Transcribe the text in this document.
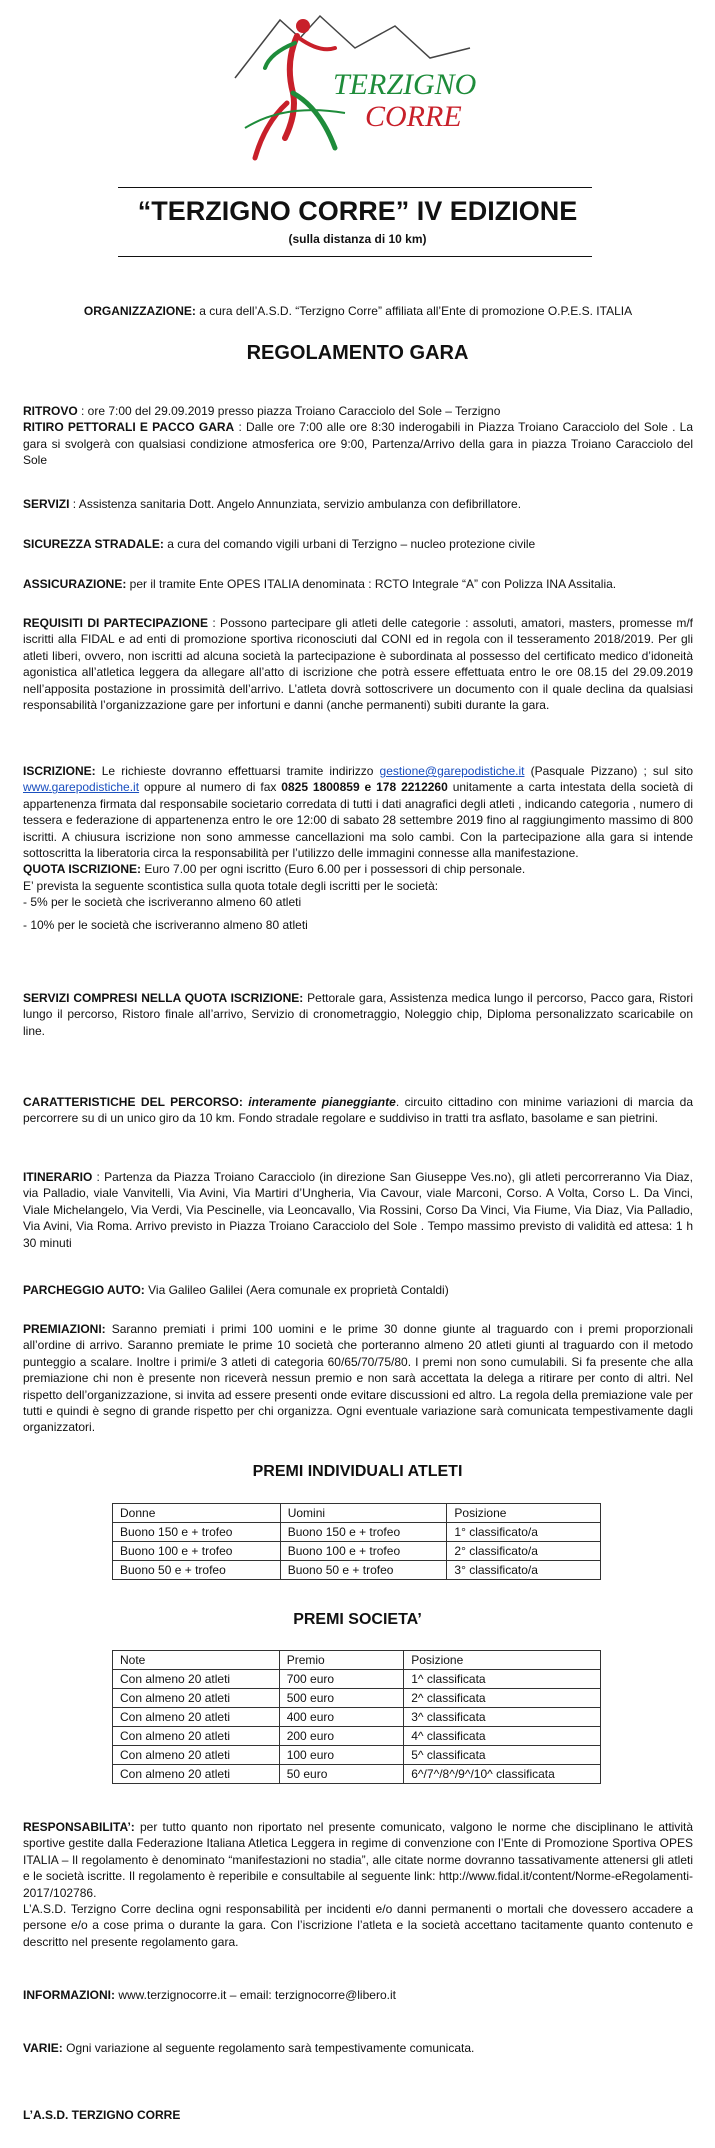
TERZIGNO
CORRE
“TERZIGNO CORRE” IV EDIZIONE
(sulla distanza di 10 km)
ORGANIZZAZIONE: a cura dell’A.S.D. “Terzigno Corre” affiliata all’Ente di promozione O.P.E.S. ITALIA
REGOLAMENTO GARA
RITROVO : ore 7:00 del 29.09.2019 presso piazza Troiano Caracciolo del Sole – Terzigno
RITIRO PETTORALI E PACCO GARA : Dalle ore 7:00 alle ore 8:30 inderogabili in Piazza Troiano Caracciolo del Sole . La gara si svolgerà con qualsiasi condizione atmosferica ore 9:00, Partenza/Arrivo della gara in piazza Troiano Caracciolo del Sole
SERVIZI : Assistenza sanitaria Dott. Angelo Annunziata, servizio ambulanza con defibrillatore.
SICUREZZA STRADALE: a cura del comando vigili urbani di Terzigno – nucleo protezione civile
ASSICURAZIONE: per il tramite Ente OPES ITALIA denominata : RCTO Integrale “A” con Polizza INA Assitalia.
REQUISITI DI PARTECIPAZIONE : Possono partecipare gli atleti delle categorie : assoluti, amatori, masters, promesse m/f iscritti alla FIDAL e ad enti di promozione sportiva riconosciuti dal CONI ed in regola con il tesseramento 2018/2019. Per gli atleti liberi, ovvero, non iscritti ad alcuna società la partecipazione è subordinata al possesso del certificato medico d’idoneità agonistica all’atletica leggera da allegare all’atto di iscrizione che potrà essere effettuata entro le ore 08.15 del 29.09.2019 nell’apposita postazione in prossimità dell’arrivo. L’atleta dovrà sottoscrivere un documento con il quale declina da qualsiasi responsabilità l’organizzazione gare per infortuni e danni (anche permanenti) subiti durante la gara.
ISCRIZIONE: Le richieste dovranno effettuarsi tramite indirizzo gestione@garepodistiche.it (Pasquale Pizzano) ; sul sito www.garepodistiche.it oppure al numero di fax 0825 1800859 e 178 2212260 unitamente a carta intestata della società di appartenenza firmata dal responsabile societario corredata di tutti i dati anagrafici degli atleti , indicando categoria , numero di tessera e federazione di appartenenza entro le ore 12:00 di sabato 28 settembre 2019 fino al raggiungimento massimo di 800 iscritti. A chiusura iscrizione non sono ammesse cancellazioni ma solo cambi. Con la partecipazione alla gara si intende sottoscritta la liberatoria circa la responsabilità per l’utilizzo delle immagini connesse alla manifestazione.
QUOTA ISCRIZIONE: Euro 7.00 per ogni iscritto (Euro 6.00 per i possessori di chip personale.
E’ prevista la seguente scontistica sulla quota totale degli iscritti per le società:
- 5% per le società che iscriveranno almeno 60 atleti
- 10% per le società che iscriveranno almeno 80 atleti
SERVIZI COMPRESI NELLA QUOTA ISCRIZIONE: Pettorale gara, Assistenza medica lungo il percorso, Pacco gara, Ristori lungo il percorso, Ristoro finale all’arrivo, Servizio di cronometraggio, Noleggio chip, Diploma personalizzato scaricabile on line.
CARATTERISTICHE DEL PERCORSO: interamente pianeggiante. circuito cittadino con minime variazioni di marcia da percorrere su di un unico giro da 10 km. Fondo stradale regolare e suddiviso in tratti tra asflato, basolame e san pietrini.
ITINERARIO : Partenza da Piazza Troiano Caracciolo (in direzione San Giuseppe Ves.no), gli atleti percorreranno Via Diaz, via Palladio, viale Vanvitelli, Via Avini, Via Martiri d’Ungheria, Via Cavour, viale Marconi, Corso. A Volta, Corso L. Da Vinci, Viale Michelangelo, Via Verdi, Via Pescinelle, via Leoncavallo, Via Rossini, Corso Da Vinci, Via Fiume, Via Diaz, Via Palladio, Via Avini, Via Roma. Arrivo previsto in Piazza Troiano Caracciolo del Sole . Tempo massimo previsto di validità ed attesa: 1 h 30 minuti
PARCHEGGIO AUTO: Via Galileo Galilei (Aera comunale ex proprietà Contaldi)
PREMIAZIONI: Saranno premiati i primi 100 uomini e le prime 30 donne giunte al traguardo con i premi proporzionali all’ordine di arrivo. Saranno premiate le prime 10 società che porteranno almeno 20 atleti giunti al traguardo con il metodo punteggio a scalare. Inoltre i primi/e 3 atleti di categoria 60/65/70/75/80. I premi non sono cumulabili. Si fa presente che alla premiazione chi non è presente non riceverà nessun premio e non sarà accettata la delega a ritirare per conto di altri. Nel rispetto dell’organizzazione, si invita ad essere presenti onde evitare discussioni ed altro. La regola della premiazione vale per tutti e quindi è segno di grande rispetto per chi organizza. Ogni eventuale variazione sarà comunicata tempestivamente dagli organizzatori.
PREMI INDIVIDUALI ATLETI
Donne	Uomini	Posizione
Buono 150 e + trofeo	Buono 150 e + trofeo	1° classificato/a
Buono 100 e + trofeo	Buono 100 e + trofeo	2° classificato/a
Buono 50 e + trofeo	Buono 50 e + trofeo	3° classificato/a
PREMI SOCIETA’
Note	Premio	Posizione
Con almeno 20 atleti	700 euro	1^ classificata
Con almeno 20 atleti	500 euro	2^ classificata
Con almeno 20 atleti	400 euro	3^ classificata
Con almeno 20 atleti	200 euro	4^ classificata
Con almeno 20 atleti	100 euro	5^ classificata
Con almeno 20 atleti	50 euro	6^/7^/8^/9^/10^ classificata
RESPONSABILITA’: per tutto quanto non riportato nel presente comunicato, valgono le norme che disciplinano le attività sportive gestite dalla Federazione Italiana Atletica Leggera in regime di convenzione con l’Ente di Promozione Sportiva OPES ITALIA – Il regolamento è denominato “manifestazioni no stadia”, alle citate norme dovranno tassativamente attenersi gli atleti e le società iscritte. Il regolamento è reperibile e consultabile al seguente link: http://www.fidal.it/content/Norme-eRegolamenti-2017/102786.
L’A.S.D. Terzigno Corre declina ogni responsabilità per incidenti e/o danni permanenti o mortali che dovessero accadere a persone e/o a cose prima o durante la gara. Con l’iscrizione l’atleta e la società accettano tacitamente quanto contenuto e descritto nel presente regolamento gara.
INFORMAZIONI: www.terzignocorre.it – email: terzignocorre@libero.it
VARIE: Ogni variazione al seguente regolamento sarà tempestivamente comunicata.
L’A.S.D. TERZIGNO CORRE
